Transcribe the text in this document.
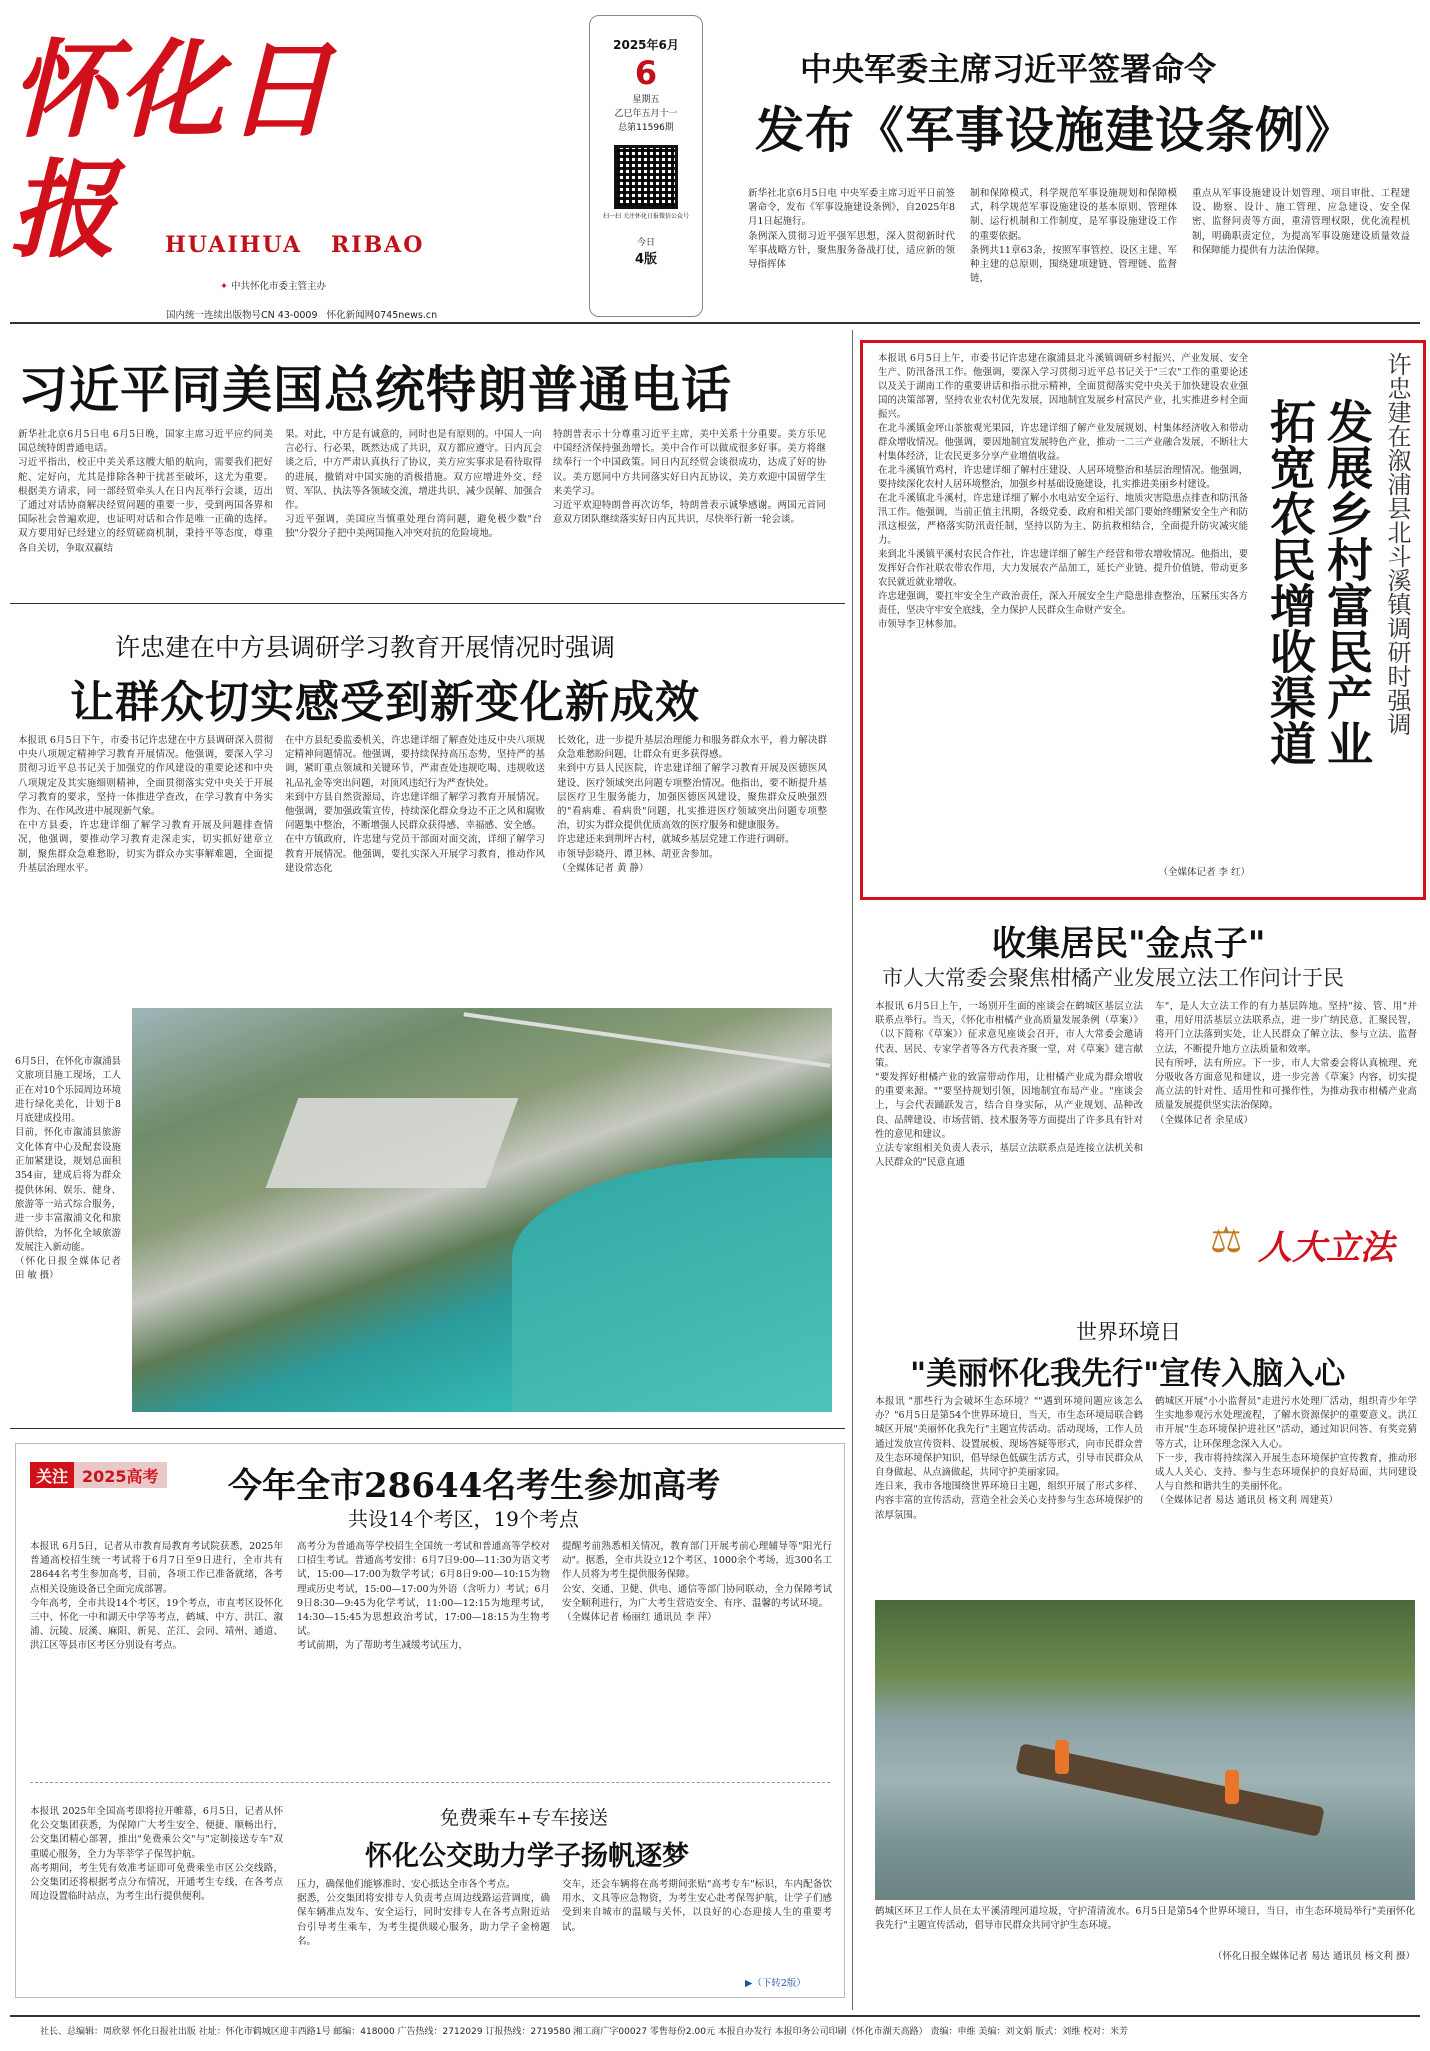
怀化日报	HUAIHUA   RIBAO
✦ 中共怀化市委主管主办

国内统一连续出版物号CN 43-0009 怀化新闻网0745news.cn

2025年6月
6
星期五
乙巳年五月十一
总第11596期
扫一扫 关注怀化日报微信公众号
今日
4版
中央军委主席习近平签署命令
发布《军事设施建设条例》
新华社北京6月5日电 中央军委主席习近平日前签署命令，发布《军事设施建设条例》，自2025年8月1日起施行。
条例深入贯彻习近平强军思想，深入贯彻新时代军事战略方针，聚焦服务备战打仗，适应新的领导指挥体
制和保障模式，科学规范军事设施规划和保障模式，科学规范军事设施建设的基本原则、管理体制、运行机制和工作制度，是军事设施建设工作的重要依据。
条例共11章63条，按照军事管控、设区主建、军种主建的总原则，围绕建项建链、管理链、监督链，
重点从军事设施建设计划管理、项目审批、工程建设、勘察、设计、施工管理、应急建设、安全保密、监督问责等方面，重清管理权限，优化流程机制，明确职责定位，为提高军事设施建设质量效益和保障能力提供有力法治保障。
习近平同美国总统特朗普通电话
新华社北京6月5日电 6月5日晚，国家主席习近平应约同美国总统特朗普通电话。
习近平指出，校正中美关系这艘大船的航向，需要我们把好舵、定好向，尤其是排除各种干扰甚至破坏，这尤为重要。根据美方请求，同一部经贸牵头人在日内瓦举行会谈，迈出了通过对话协商解决经贸问题的重要一步，受到两国各界和国际社会普遍欢迎，也证明对话和合作是唯一正确的选择。双方要用好已经建立的经贸磋商机制，秉持平等态度，尊重各自关切，争取双赢结
果。对此，中方是有诚意的，同时也是有原则的。中国人一向言必行、行必果，既然达成了共识，双方都应遵守。日内瓦会谈之后，中方严肃认真执行了协议，美方应实事求是看待取得的进展，撤销对中国实施的消极措施。双方应增进外交、经贸、军队、执法等各领域交流，增进共识、减少误解、加强合作。
习近平强调，美国应当慎重处理台湾问题，避免极少数"台独"分裂分子把中美两国拖入冲突对抗的危险境地。
特朗普表示十分尊重习近平主席，美中关系十分重要。美方乐见中国经济保持强劲增长。美中合作可以做成很多好事。美方将继续奉行一个中国政策。同日内瓦经贸会谈很成功，达成了好的协议。美方愿同中方共同落实好日内瓦协议，美方欢迎中国留学生来美学习。
习近平欢迎特朗普再次访华，特朗普表示诚挚感谢。两国元首同意双方团队继续落实好日内瓦共识，尽快举行新一轮会谈。
许忠建在中方县调研学习教育开展情况时强调
让群众切实感受到新变化新成效
本报讯 6月5日下午，市委书记许忠建在中方县调研深入贯彻中央八项规定精神学习教育开展情况。他强调，要深入学习贯彻习近平总书记关于加强党的作风建设的重要论述和中央八项规定及其实施细则精神，全面贯彻落实党中央关于开展学习教育的要求，坚持一体推进学查改，在学习教育中务实作为、在作风改进中展现新气象。
在中方县委，许忠建详细了解学习教育开展及问题排查情况，他强调，要推动学习教育走深走实，切实抓好建章立制，聚焦群众急难愁盼，切实为群众办实事解难题，全面提升基层治理水平。
在中方县纪委监委机关，许忠建详细了解查处违反中央八项规定精神问题情况。他强调，要持续保持高压态势，坚持严的基调，紧盯重点领域和关键环节，严肃查处违规吃喝、违规收送礼品礼金等突出问题，对顶风违纪行为严查快处。
来到中方县自然资源局，许忠建详细了解学习教育开展情况。他强调，要加强政策宣传，持续深化群众身边不正之风和腐败问题集中整治，不断增强人民群众获得感、幸福感、安全感。
在中方镇政府，许忠建与党员干部面对面交流，详细了解学习教育开展情况。他强调，要扎实深入开展学习教育，推动作风建设常态化
长效化，进一步提升基层治理能力和服务群众水平，着力解决群众急难愁盼问题，让群众有更多获得感。
来到中方县人民医院，许忠建详细了解学习教育开展及医德医风建设、医疗领域突出问题专项整治情况。他指出，要不断提升基层医疗卫生服务能力，加强医德医风建设，聚焦群众反映强烈的"看病难、看病贵"问题，扎实推进医疗领域突出问题专项整治，切实为群众提供优质高效的医疗服务和健康服务。
许忠建还来到荆坪古村，就城乡基层党建工作进行调研。
市领导彭晓丹、谭卫林、胡亚舍参加。
（全媒体记者 黄 静）
本报讯 6月5日上午，市委书记许忠建在溆浦县北斗溪镇调研乡村振兴、产业发展、安全生产、防汛备汛工作。他强调，要深入学习贯彻习近平总书记关于"三农"工作的重要论述以及关于湖南工作的重要讲话和指示批示精神，全面贯彻落实党中央关于加快建设农业强国的决策部署，坚持农业农村优先发展，因地制宜发展乡村富民产业，扎实推进乡村全面振兴。
在北斗溪镇金坪山茶旅观光果园，许忠建详细了解产业发展规划、村集体经济收入和带动群众增收情况。他强调，要因地制宜发展特色产业，推动一二三产业融合发展，不断壮大村集体经济，让农民更多分享产业增值收益。
在北斗溪镇竹鸡村，许忠建详细了解村庄建设、人居环境整治和基层治理情况。他强调，要持续深化农村人居环境整治，加强乡村基础设施建设，扎实推进美丽乡村建设。
在北斗溪镇北斗溪村，许忠建详细了解小水电站安全运行、地质灾害隐患点排查和防汛备汛工作。他强调，当前正值主汛期，各级党委、政府和相关部门要始终绷紧安全生产和防汛这根弦，严格落实防汛责任制，坚持以防为主、防抗救相结合，全面提升防灾减灾能力。
来到北斗溪镇平溪村农民合作社，许忠建详细了解生产经营和带农增收情况。他指出，要发挥好合作社联农带农作用，大力发展农产品加工，延长产业链、提升价值链，带动更多农民就近就业增收。
许忠建强调，要扛牢安全生产政治责任，深入开展安全生产隐患排查整治，压紧压实各方责任，坚决守牢安全底线，全力保护人民群众生命财产安全。
市领导李卫林参加。
（全媒体记者 李 红）
发展乡村富民产业
拓宽农民增收渠道	许忠建在溆浦县北斗溪镇调研时强调
收集居民"金点子"
市人大常委会聚焦柑橘产业发展立法工作问计于民
本报讯 6月5日上午，一场别开生面的座谈会在鹤城区基层立法联系点举行。当天，《怀化市柑橘产业高质量发展条例（草案）》（以下简称《草案》）征求意见座谈会召开，市人大常委会邀请代表、居民、专家学者等各方代表齐聚一堂，对《草案》建言献策。
"要发挥好柑橘产业的致富带动作用，让柑橘产业成为群众增收的重要来源。""要坚持规划引领，因地制宜布局产业。"座谈会上，与会代表踊跃发言，结合自身实际，从产业规划、品种改良、品牌建设、市场营销、技术服务等方面提出了许多具有针对性的意见和建议。
立法专家组相关负责人表示，基层立法联系点是连接立法机关和人民群众的"民意直通
车"，是人大立法工作的有力基层阵地。坚持"接、管、用"并重，用好用活基层立法联系点，进一步广纳民意、汇聚民智，将开门立法落到实处，让人民群众了解立法、参与立法、监督立法，不断提升地方立法质量和效率。
民有所呼，法有所应。下一步，市人大常委会将认真梳理、充分吸收各方面意见和建议，进一步完善《草案》内容，切实提高立法的针对性、适用性和可操作性，为推动我市柑橘产业高质量发展提供坚实法治保障。
（全媒体记者 余星成）
⚖ 人大立法
6月5日，在怀化市溆浦县文旅项目施工现场，工人正在对10个乐园周边环境进行绿化美化，计划于8月底建成投用。
目前，怀化市溆浦县旅游文化体育中心及配套设施正加紧建设，规划总面积354亩，建成后将为群众提供休闲、娱乐、健身、旅游等一站式综合服务，进一步丰富溆浦文化和旅游供给，为怀化全域旅游发展注入新动能。
（怀化日报全媒体记者 田 敏 摄）
世界环境日
"美丽怀化我先行"宣传入脑入心
本报讯 "那些行为会破坏生态环境？""遇到环境问题应该怎么办？"6月5日是第54个世界环境日，当天，市生态环境局联合鹤城区开展"美丽怀化我先行"主题宣传活动。活动现场，工作人员通过发放宣传资料、设置展板、现场答疑等形式，向市民群众普及生态环境保护知识，倡导绿色低碳生活方式，引导市民群众从自身做起、从点滴做起，共同守护美丽家园。
连日来，我市各地围绕世界环境日主题，组织开展了形式多样、内容丰富的宣传活动，营造全社会关心支持参与生态环境保护的浓厚氛围。
鹤城区开展"小小监督员"走进污水处理厂活动，组织青少年学生实地参观污水处理流程，了解水资源保护的重要意义。洪江市开展"生态环境保护进社区"活动，通过知识问答、有奖竞猜等方式，让环保理念深入人心。
下一步，我市将持续深入开展生态环境保护宣传教育，推动形成人人关心、支持、参与生态环境保护的良好局面，共同建设人与自然和谐共生的美丽怀化。
（全媒体记者 易达 通讯员 杨文利 周建英）
鹤城区环卫工作人员在太平溪清理河道垃圾，守护清清流水。6月5日是第54个世界环境日，当日，市生态环境局举行"美丽怀化我先行"主题宣传活动，倡导市民群众共同守护生态环境。
（怀化日报全媒体记者 易达 通讯员 杨文利 摄）
关注 2025高考 今年全市28644名考生参加高考
共设14个考区，19个考点
本报讯 6月5日，记者从市教育局教育考试院获悉，2025年普通高校招生统一考试将于6月7日至9日进行，全市共有28644名考生参加高考，目前，各项工作已准备就绪，各考点相关设施设备已全面完成部署。
今年高考，全市共设14个考区，19个考点，市直考区设怀化三中、怀化一中和湖天中学等考点，鹤城、中方、洪江、溆浦、沅陵、辰溪、麻阳、新晃、芷江、会同、靖州、通道、洪江区等县市区考区分别设有考点。
高考分为普通高等学校招生全国统一考试和普通高等学校对口招生考试。普通高考安排：6月7日9:00—11:30为语文考试，15:00—17:00为数学考试；6月8日9:00—10:15为物理或历史考试，15:00—17:00为外语（含听力）考试；6月9日8:30—9:45为化学考试，11:00—12:15为地理考试，14:30—15:45为思想政治考试，17:00—18:15为生物考试。
考试前期，为了帮助考生减缓考试压力，
提醒考前熟悉相关情况，教育部门开展考前心理辅导等"阳光行动"。据悉，全市共设立12个考区、1000余个考场，近300名工作人员将为考生提供服务保障。
公安、交通、卫健、供电、通信等部门协同联动，全力保障考试安全顺利进行，为广大考生营造安全、有序、温馨的考试环境。
（全媒体记者 杨丽红 通讯员 李 萍）
本报讯 2025年全国高考即将拉开帷幕，6月5日，记者从怀化公交集团获悉，为保障广大考生安全、便捷、顺畅出行，公交集团精心部署，推出"免费乘公交"与"定制接送专车"双重暖心服务，全力为莘莘学子保驾护航。
高考期间，考生凭有效准考证即可免费乘坐市区公交线路，公交集团还将根据考点分布情况，开通考生专线，在各考点周边设置临时站点，为考生出行提供便利。
免费乘车+专车接送
怀化公交助力学子扬帆逐梦
压力，确保他们能够准时、安心抵达全市各个考点。
据悉，公交集团将安排专人负责考点周边线路运营调度，确保车辆准点发车、安全运行，同时安排专人在各考点附近站台引导考生乘车，为考生提供暖心服务，助力学子金榜题名。
交车，还会车辆将在高考期间张贴"高考专车"标识，车内配备饮用水、文具等应急物资，为考生安心赴考保驾护航，让学子们感受到来自城市的温暖与关怀，以良好的心态迎接人生的重要考试。
▶（下转2版）
社长、总编辑：周欣翠 怀化日报社出版 社址：怀化市鹤城区迎丰西路1号 邮编：418000 广告热线：2712029 订报热线：2719580 湘工商广字00027 零售每份2.00元 本报自办发行 本报印务公司印刷（怀化市湖天高路） 责编：申维 美编：刘文娟 版式：刘维 校对：米芳
